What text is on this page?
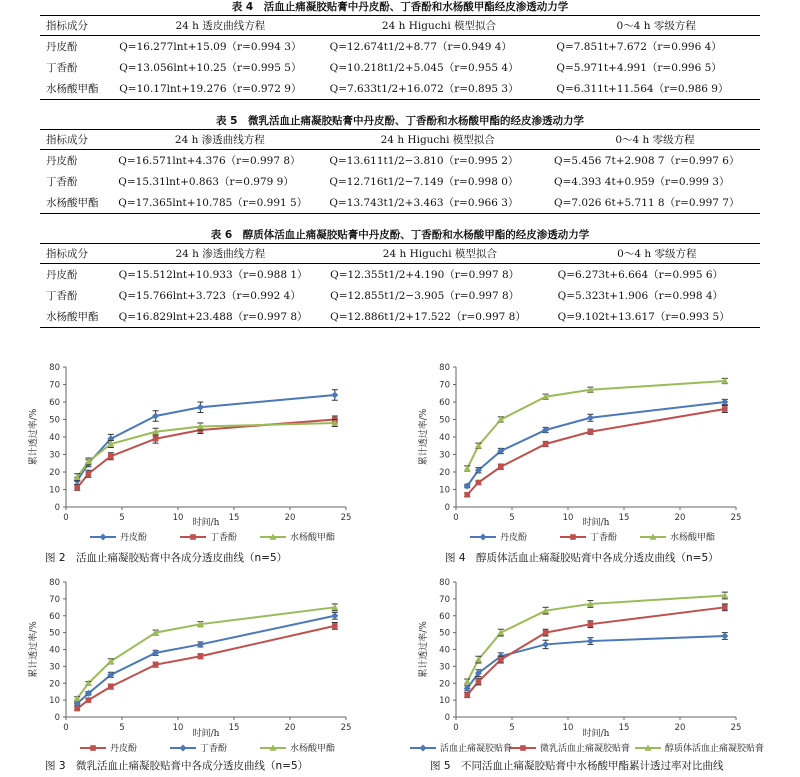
表 4　活血止痛凝胶贴膏中丹皮酚、丁香酚和水杨酸甲酯经皮渗透动力学
指标成分	24 h 透皮曲线方程	24 h Higuchi 模型拟合	0～4 h 零级方程
丹皮酚	Q=16.277lnt+15.09（r=0.994 3）	Q=12.674t1/2+8.77（r=0.949 4）	Q=7.851t+7.672（r=0.996 4）
丁香酚	Q=13.056lnt+10.25（r=0.995 5）	Q=10.218t1/2+5.045（r=0.955 4）	Q=5.971t+4.991（r=0.996 5）
水杨酸甲酯	Q=10.17lnt+19.276（r=0.972 9）	Q=7.633t1/2+16.072（r=0.895 3）	Q=6.311t+11.564（r=0.986 9）
表 5　微乳活血止痛凝胶贴膏中丹皮酚、丁香酚和水杨酸甲酯的经皮渗透动力学
指标成分	24 h 渗透曲线方程	24 h Higuchi 模型拟合	0～4 h 零级方程
丹皮酚	Q=16.571lnt+4.376（r=0.997 8）	Q=13.611t1/2−3.810（r=0.995 2）	Q=5.456 7t+2.908 7（r=0.997 6）
丁香酚	Q=15.31lnt+0.863（r=0.979 9）	Q=12.716t1/2−7.149（r=0.998 0）	Q=4.393 4t+0.959（r=0.999 3）
水杨酸甲酯	Q=17.365lnt+10.785（r=0.991 5）	Q=13.743t1/2+3.463（r=0.966 3）	Q=7.026 6t+5.711 8（r=0.997 7）
表 6　醇质体活血止痛凝胶贴膏中丹皮酚、丁香酚和水杨酸甲酯的经皮渗透动力学
指标成分	24 h 渗透曲线方程	24 h Higuchi 模型拟合	0～4 h 零级方程
丹皮酚	Q=15.512lnt+10.933（r=0.988 1）	Q=12.355t1/2+4.190（r=0.997 8）	Q=6.273t+6.664（r=0.995 6）
丁香酚	Q=15.766lnt+3.723（r=0.992 4）	Q=12.855t1/2−3.905（r=0.997 8）	Q=5.323t+1.906（r=0.998 4）
水杨酸甲酯	Q=16.829lnt+23.488（r=0.997 8）	Q=12.886t1/2+17.522（r=0.997 8）	Q=9.102t+13.617（r=0.993 5）
0
10
20
30
40
50
60
70
80
0	5	10	15	20	25
时间/h
累计透过率/%
丹皮酚	丁香酚	水杨酸甲酯
图 2　活血止痛凝胶贴膏中各成分透皮曲线（n=5）
0
10
20
30
40
50
60
70
80
0	5	10	15	20	25
时间/h
累计透过率/%
丹皮酚	丁香酚	水杨酸甲酯
图 4　醇质体活血止痛凝胶贴膏中各成分透皮曲线（n=5）
0
10
20
30
40
50
60
70
80
0	5	10	15	20	25
时间/h
累计透过率/%
丹皮酚	丁香酚	水杨酸甲酯
图 3　微乳活血止痛凝胶贴膏中各成分透皮曲线（n=5）
0
10
20
30
40
50
60
70
80
0	5	10	15	20	25
时间/h
累计透过率/%
活血止痛凝胶贴膏	微乳活血止痛凝胶贴膏	醇质体活血止痛凝胶贴膏
图 5　不同活血止痛凝胶贴膏中水杨酸甲酯累计透过率对比曲线
